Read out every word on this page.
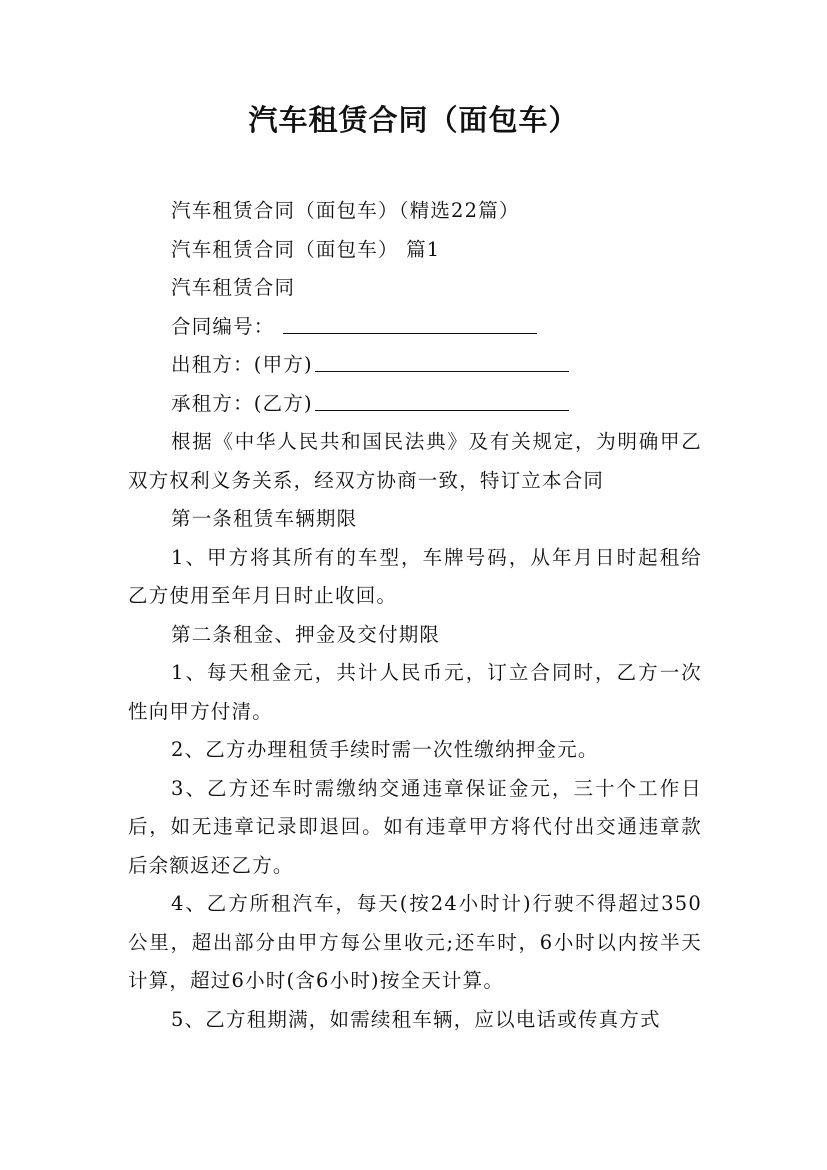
汽车租赁合同（面包车）

汽车租赁合同（面包车）（精选22篇）

汽车租赁合同（面包车） 篇1

汽车租赁合同

合同编号：

出租方：(甲方)

承租方：(乙方)

根据《中华人民共和国民法典》及有关规定，为明确甲乙双方权利义务关系，经双方协商一致，特订立本合同

第一条租赁车辆期限

1、甲方将其所有的车型，车牌号码，从年月日时起租给乙方使用至年月日时止收回。

第二条租金、押金及交付期限

1、每天租金元，共计人民币元，订立合同时，乙方一次性向甲方付清。

2、乙方办理租赁手续时需一次性缴纳押金元。

3、乙方还车时需缴纳交通违章保证金元，三十个工作日后，如无违章记录即退回。如有违章甲方将代付出交通违章款后余额返还乙方。

4、乙方所租汽车，每天(按24小时计)行驶不得超过350公里，超出部分由甲方每公里收元;还车时，6小时以内按半天计算，超过6小时(含6小时)按全天计算。

5、乙方租期满，如需续租车辆，应以电话或传真方式
